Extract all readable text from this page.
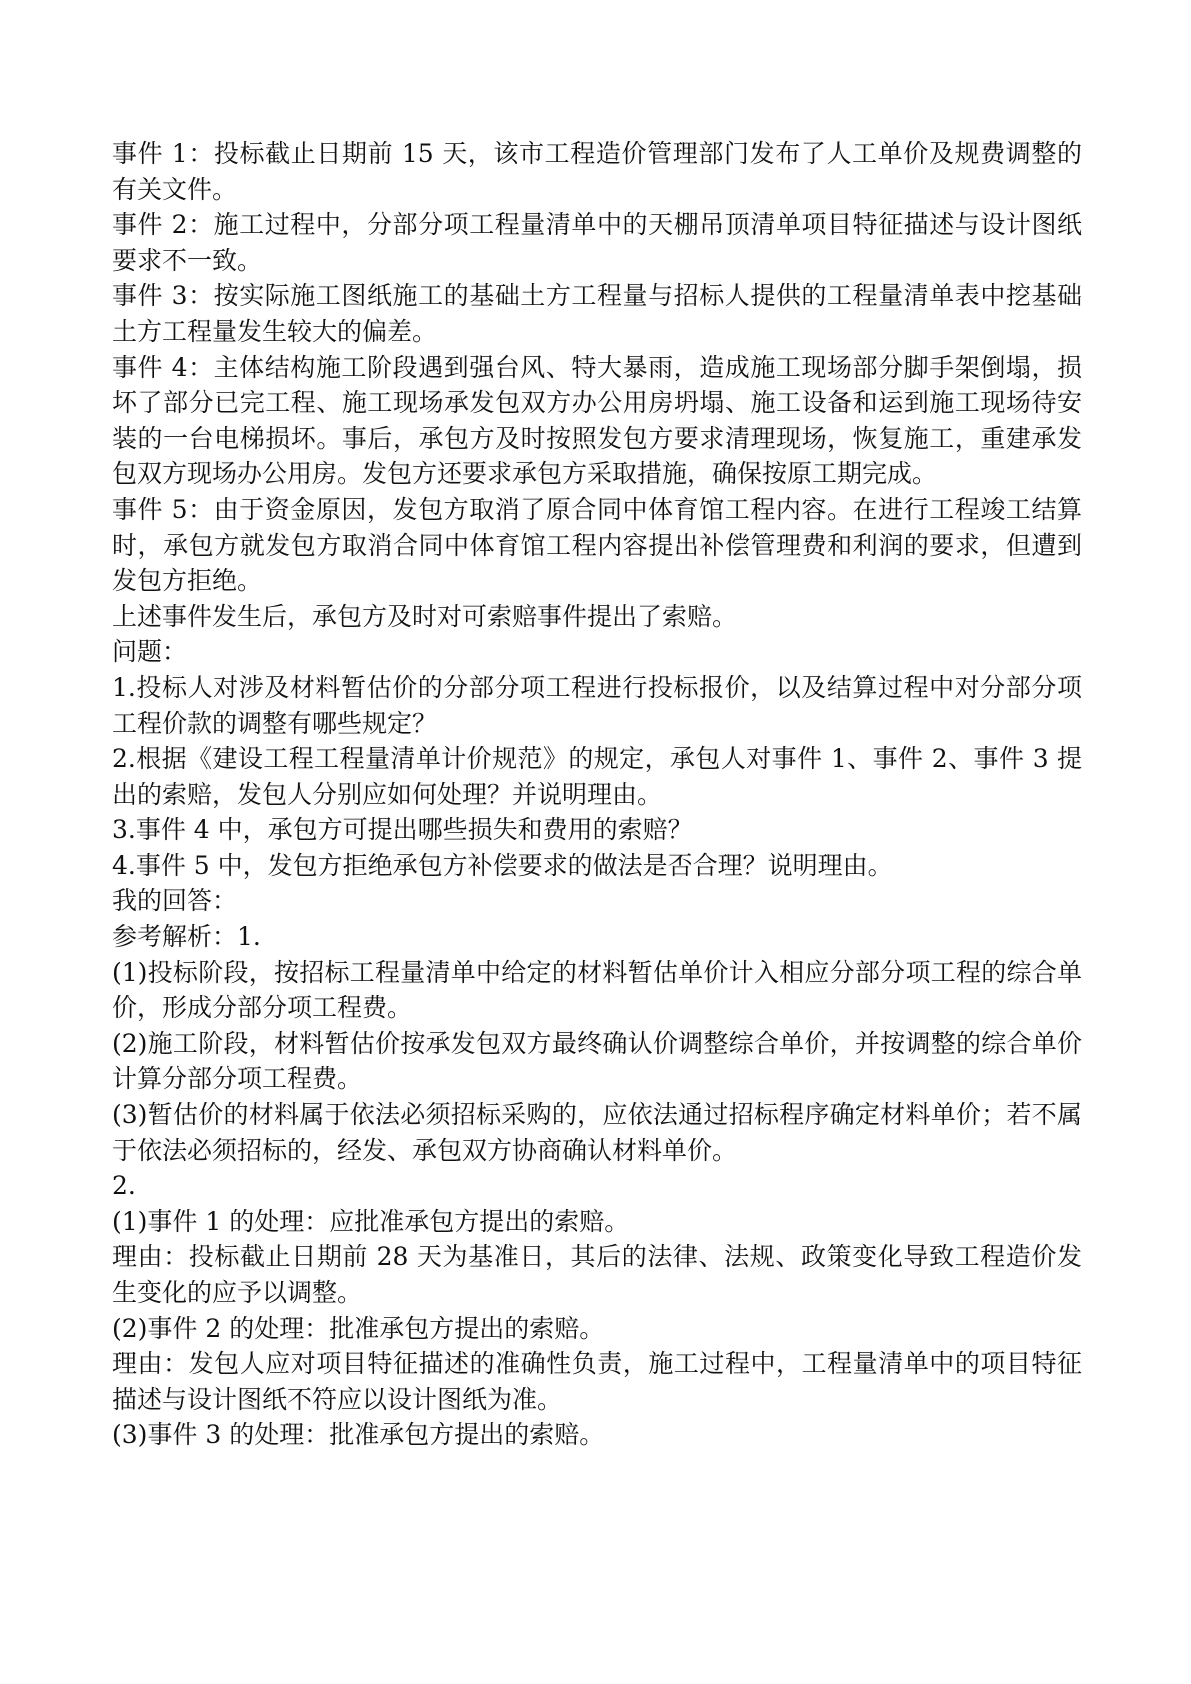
事件 1：投标截止日期前 15 天，该市工程造价管理部门发布了人工单价及规费调整的有关文件。

事件 2：施工过程中，分部分项工程量清单中的天棚吊顶清单项目特征描述与设计图纸要求不一致。

事件 3：按实际施工图纸施工的基础土方工程量与招标人提供的工程量清单表中挖基础土方工程量发生较大的偏差。

事件 4：主体结构施工阶段遇到强台风、特大暴雨，造成施工现场部分脚手架倒塌，损坏了部分已完工程、施工现场承发包双方办公用房坍塌、施工设备和运到施工现场待安装的一台电梯损坏。事后，承包方及时按照发包方要求清理现场，恢复施工，重建承发包双方现场办公用房。发包方还要求承包方采取措施，确保按原工期完成。

事件 5：由于资金原因，发包方取消了原合同中体育馆工程内容。在进行工程竣工结算时，承包方就发包方取消合同中体育馆工程内容提出补偿管理费和利润的要求，但遭到发包方拒绝。

上述事件发生后，承包方及时对可索赔事件提出了索赔。

问题：

1.投标人对涉及材料暂估价的分部分项工程进行投标报价，以及结算过程中对分部分项工程价款的调整有哪些规定？

2.根据《建设工程工程量清单计价规范》的规定，承包人对事件 1、事件 2、事件 3 提出的索赔，发包人分别应如何处理？并说明理由。

3.事件 4 中，承包方可提出哪些损失和费用的索赔？

4.事件 5 中，发包方拒绝承包方补偿要求的做法是否合理？说明理由。

我的回答：

参考解析：1.

(1)投标阶段，按招标工程量清单中给定的材料暂估单价计入相应分部分项工程的综合单价，形成分部分项工程费。

(2)施工阶段，材料暂估价按承发包双方最终确认价调整综合单价，并按调整的综合单价计算分部分项工程费。

(3)暂估价的材料属于依法必须招标采购的，应依法通过招标程序确定材料单价；若不属于依法必须招标的，经发、承包双方协商确认材料单价。

2.

(1)事件 1 的处理：应批准承包方提出的索赔。

理由：投标截止日期前 28 天为基准日，其后的法律、法规、政策变化导致工程造价发生变化的应予以调整。

(2)事件 2 的处理：批准承包方提出的索赔。

理由：发包人应对项目特征描述的准确性负责，施工过程中，工程量清单中的项目特征描述与设计图纸不符应以设计图纸为准。

(3)事件 3 的处理：批准承包方提出的索赔。
